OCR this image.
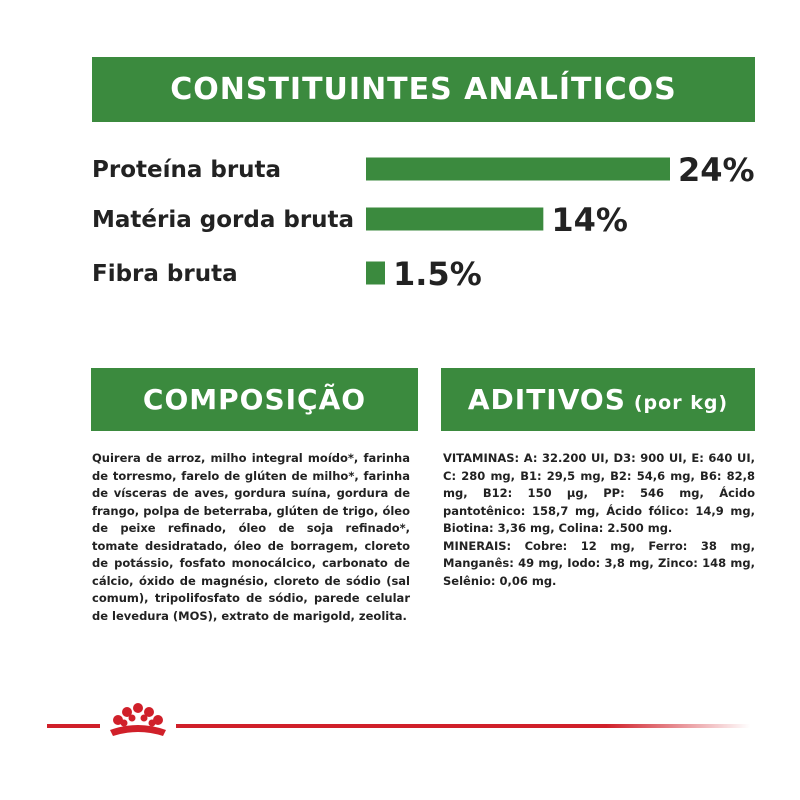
CONSTITUINTES ANALÍTICOS
Proteína bruta	24%
Matéria gorda bruta	14%
Fibra bruta	1.5%
COMPOSIÇÃO	ADITIVOS (por kg)
Quirera de arroz, milho integral moído*, farinha de torresmo, farelo de glúten de milho*, farinha de vísceras de aves, gordura suína, gordura de frango, polpa de beterraba, glúten de trigo, óleo de peixe refinado, óleo de soja refinado*, tomate desidratado, óleo de borragem, cloreto de potássio, fosfato monocálcico, carbonato de cálcio, óxido de magnésio, cloreto de sódio (sal comum), tripolifosfato de sódio, parede celular de levedura (MOS), extrato de marigold, zeolita.

VITAMINAS: A: 32.200 UI, D3: 900 UI, E: 640 UI, C: 280 mg, B1: 29,5 mg, B2: 54,6 mg, B6: 82,8 mg, B12: 150 µg, PP: 546 mg, Ácido pantotênico: 158,7 mg, Ácido fólico: 14,9 mg, Biotina: 3,36 mg, Colina: 2.500 mg.

MINERAIS: Cobre: 12 mg, Ferro: 38 mg, Manganês: 49 mg, Iodo: 3,8 mg, Zinco: 148 mg, Selênio: 0,06 mg.
